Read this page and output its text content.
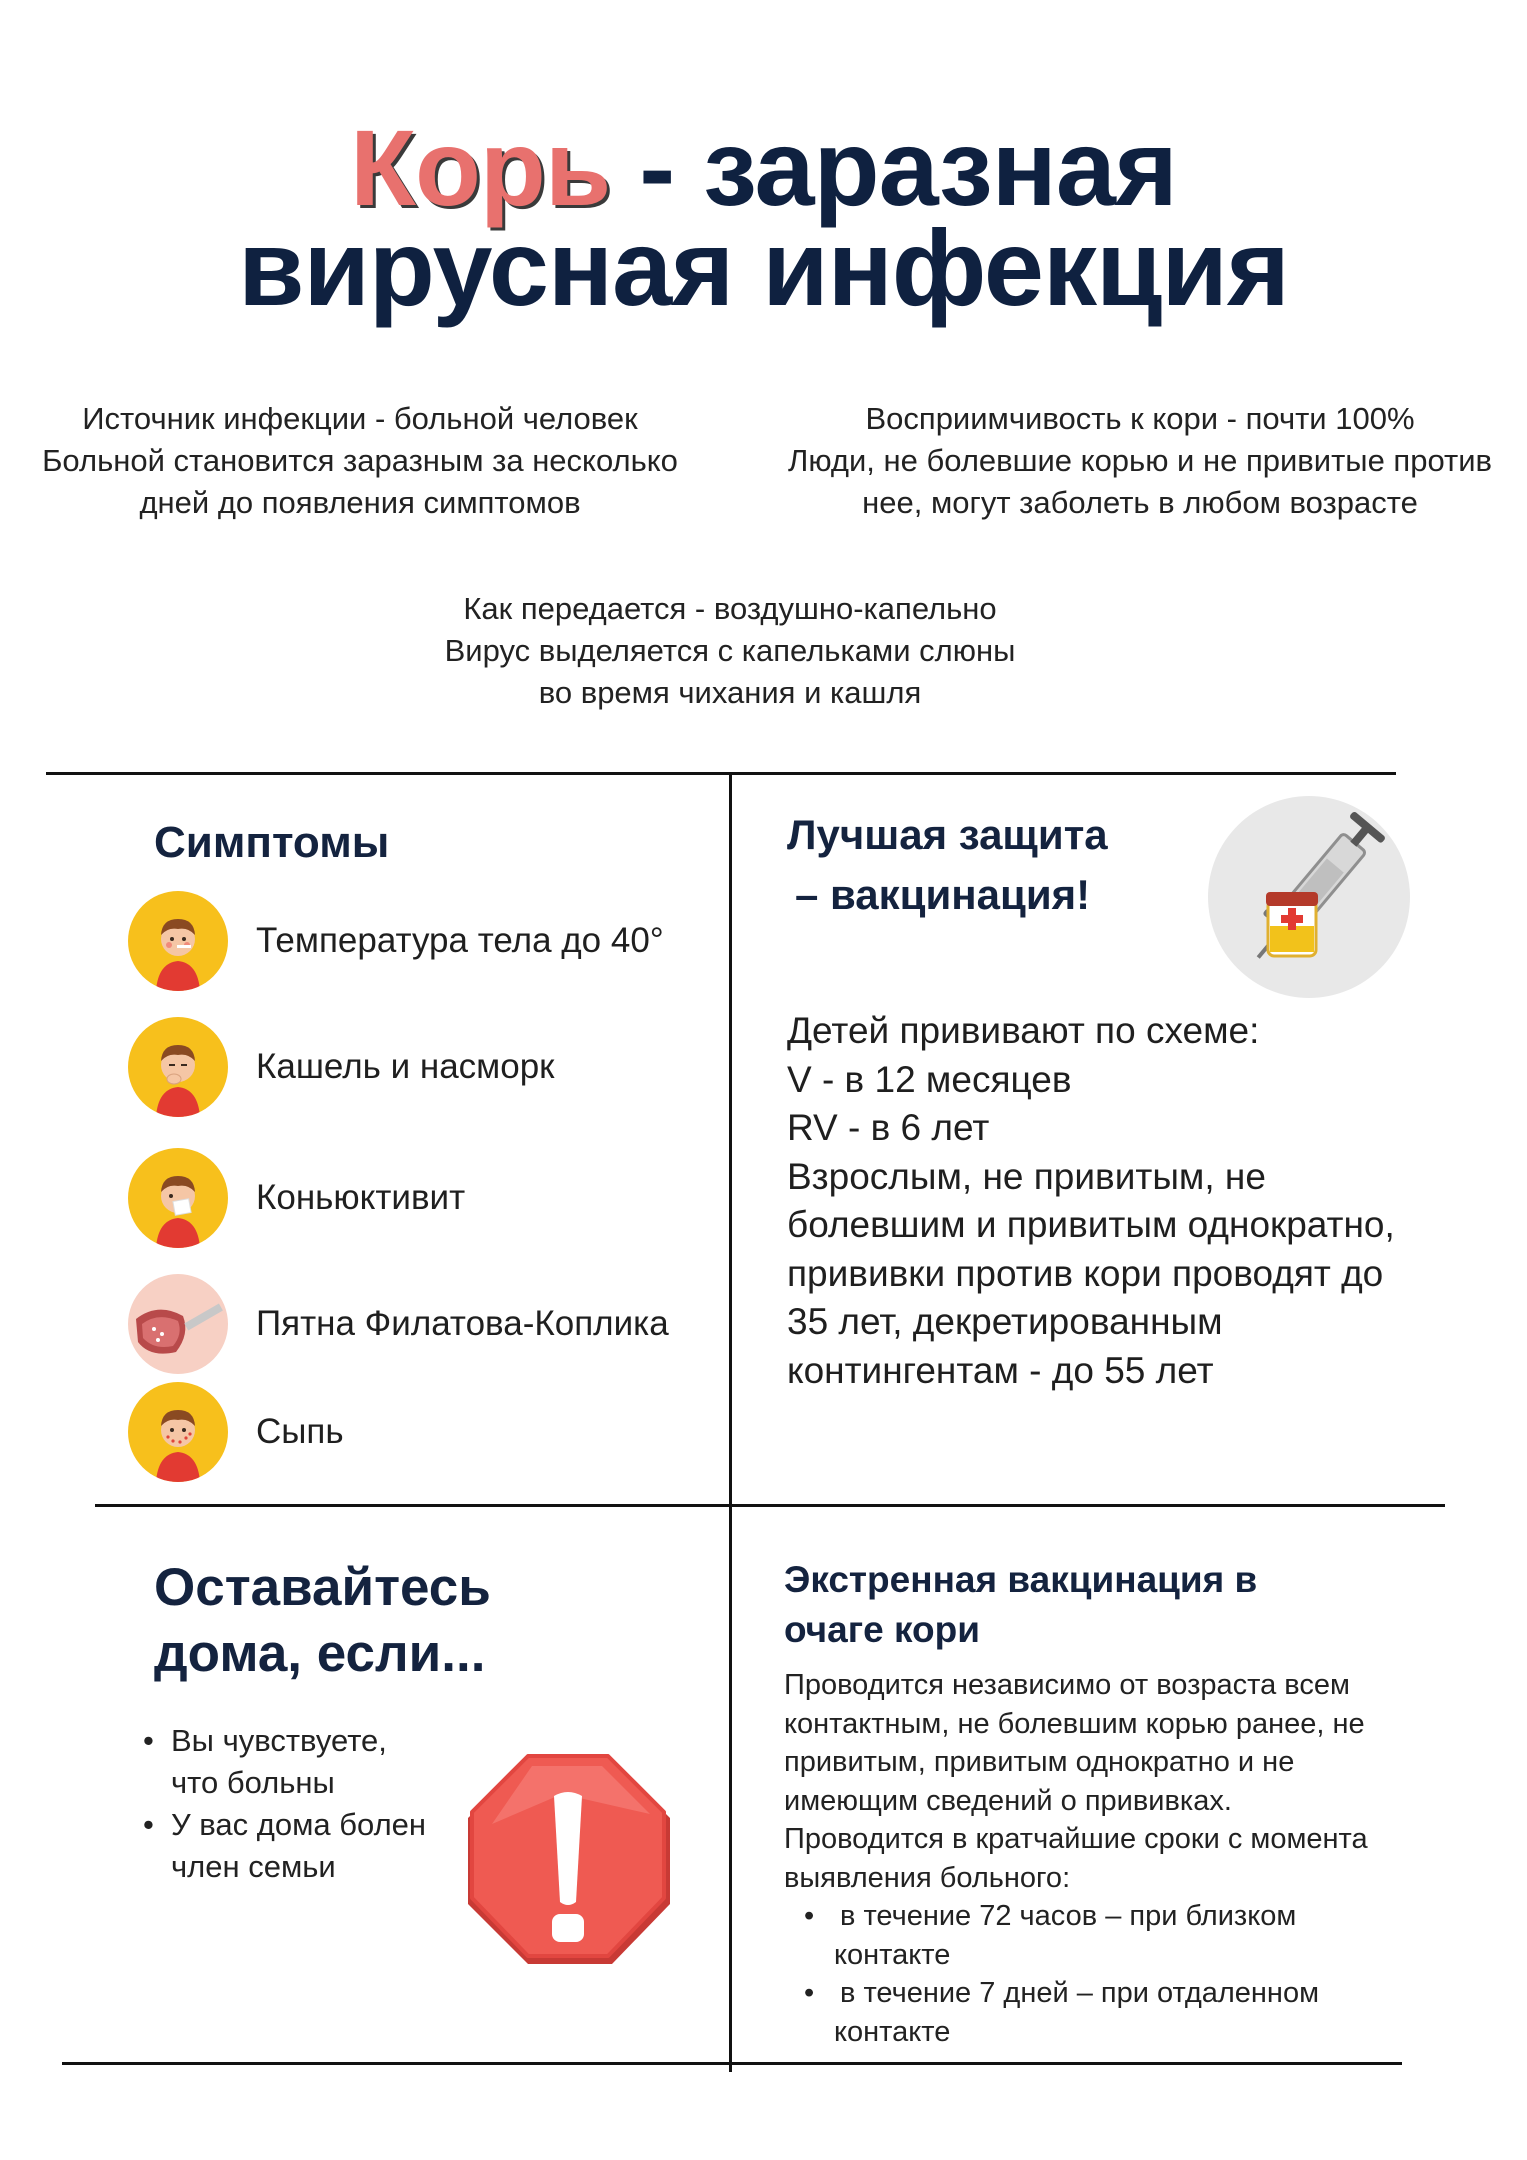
Корь - заразная
вирусная инфекция
Источник инфекции - больной человек
Больной становится заразным за несколько
дней до появления симптомов
Восприимчивость к кори - почти 100%
Люди, не болевшие корью и не привитые против
нее, могут заболеть в любом возрасте
Как передается - воздушно-капельно
Вирус выделяется с капельками слюны
во время чихания и кашля
Симптомы
Температура тела до 40°
Кашель и насморк
Коньюктивит
Пятна Филатова-Коплика
Сыпь
Лучшая защита
– вакцинация!
Детей прививают по схеме:
V - в 12 месяцев
RV - в 6 лет
Взрослым, не привитым, не
болевшим и привитым однократно,
прививки против кори проводят до
35 лет, декретированным
контингентам - до 55 лет
Оставайтесь
дома, если...
• Вы чувствуете,
что больны
• У вас дома болен
член семьи
Экстренная вакцинация в
очаге кори
Проводится независимо от возраста всем
контактным, не болевшим корью ранее, не
привитым, привитым однократно и не
имеющим сведений о прививках.
Проводится в кратчайшие сроки с момента
выявления больного:
• в течение 72 часов – при близком
контакте
• в течение 7 дней – при отдаленном
контакте
